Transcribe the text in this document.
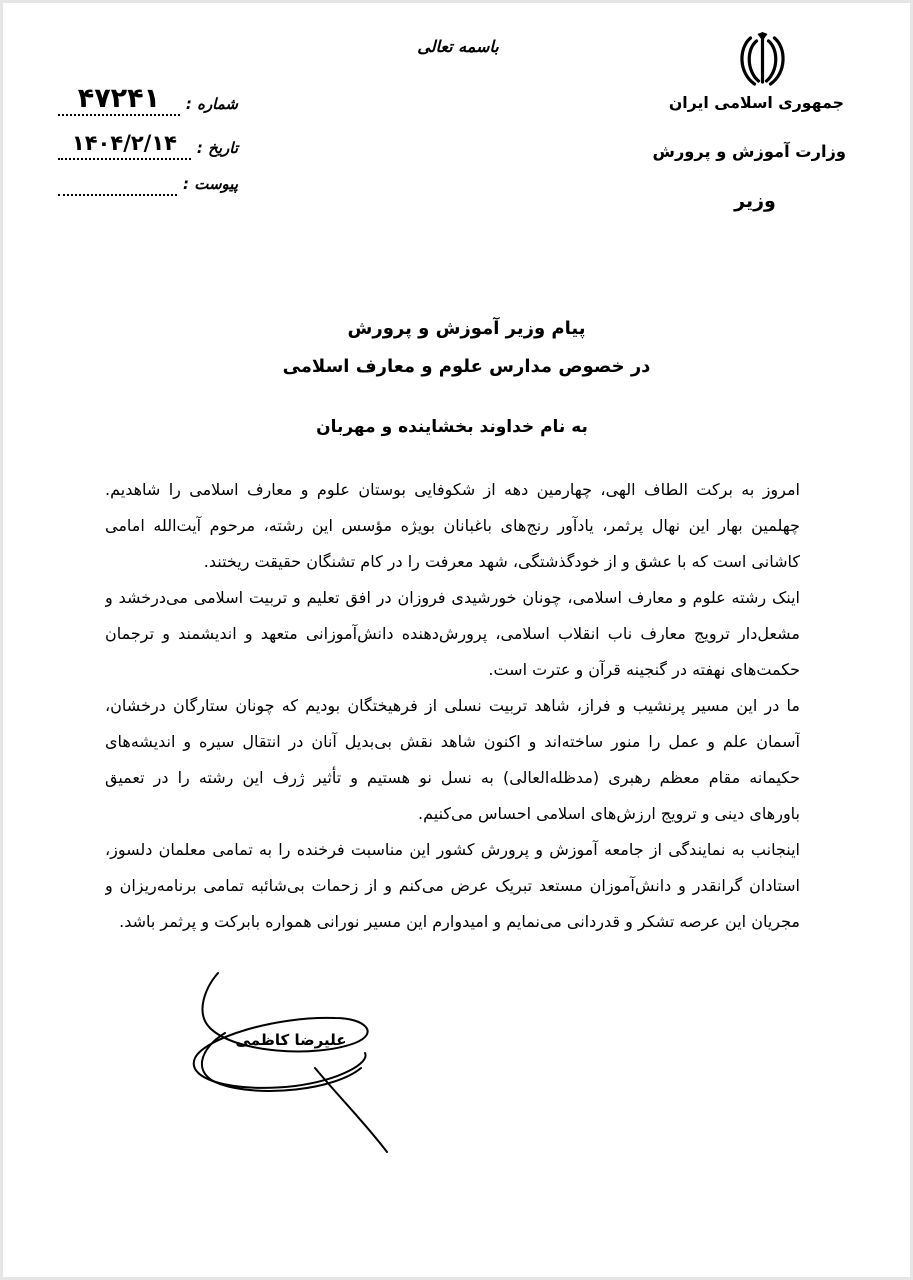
جمهوری اسلامی ایران
وزارت آموزش و پرورش
وزیر
باسمه تعالی
شماره :
۴۷۲۴۱
تاریخ :
۱۴۰۴/۲/۱۴
پیوست :
پیام وزیر آموزش و پرورش
در خصوص مدارس علوم و معارف اسلامی
به نام خداوند بخشاینده و مهربان
امروز به برکت الطاف الهی، چهارمین دهه از شکوفایی بوستان علوم و معارف اسلامی را شاهدیم.
چهلمین بهار این نهال پرثمر، یادآور رنج‌های باغبانان بویژه مؤسس این رشته، مرحوم آیت‌الله امامی
کاشانی است که با عشق و از خودگذشتگی، شهد معرفت را در کام تشنگان حقیقت ریختند.
اینک رشته علوم و معارف اسلامی، چونان خورشیدی فروزان در افق تعلیم و تربیت اسلامی می‌درخشد و
مشعل‌دار ترویج معارف ناب انقلاب اسلامی، پرورش‌دهنده دانش‌آموزانی متعهد و اندیشمند و ترجمان
حکمت‌های نهفته در گنجینه قرآن و عترت است.
ما در این مسیر پرنشیب و فراز، شاهد تربیت نسلی از فرهیختگان بودیم که چونان ستارگان درخشان،
آسمان علم و عمل را منور ساخته‌اند و اکنون شاهد نقش بی‌بدیل آنان در انتقال سیره و اندیشه‌های
حکیمانه مقام معظم رهبری (مدظله‌العالی) به نسل نو هستیم و تأثیر ژرف این رشته را در تعمیق
باورهای دینی و ترویج ارزش‌های اسلامی احساس می‌کنیم.
اینجانب به نمایندگی از جامعه آموزش و پرورش کشور این مناسبت فرخنده را به تمامی معلمان دلسوز،
استادان گرانقدر و دانش‌آموزان مستعد تبریک عرض می‌کنم و از زحمات بی‌شائبه تمامی برنامه‌ریزان و
مجریان این عرصه تشکر و قدردانی می‌نمایم و امیدوارم این مسیر نورانی همواره بابرکت و پرثمر باشد.
علیرضا کاظمی
